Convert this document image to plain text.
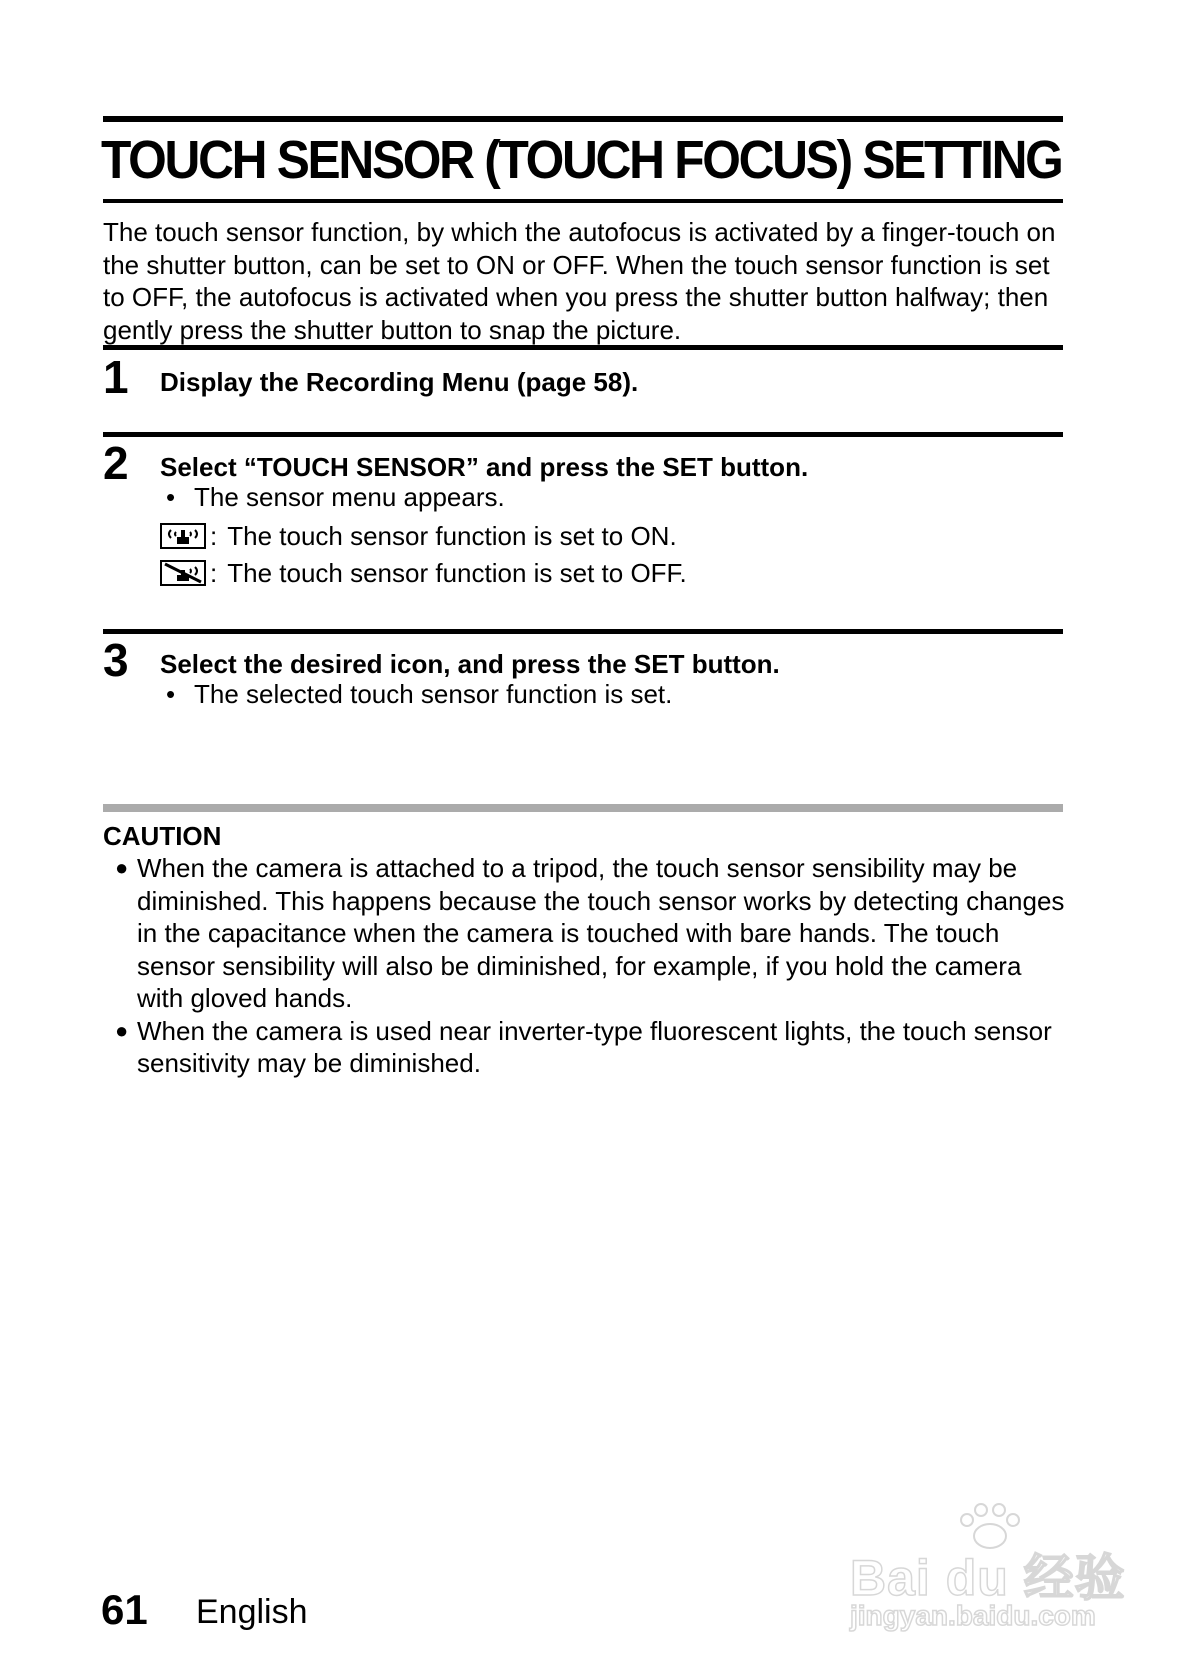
TOUCH SENSOR (TOUCH FOCUS) SETTING
The touch sensor function, by which the autofocus is activated by a finger-touch on the shutter button, can be set to ON or OFF. When the touch sensor function is set to OFF, the autofocus is activated when you press the shutter button halfway; then gently press the shutter button to snap the picture.
1 Display the Recording Menu (page 58).
2 Select “TOUCH SENSOR” and press the SET button.
• The sensor menu appears.
: The touch sensor function is set to ON.
: The touch sensor function is set to OFF.
3 Select the desired icon, and press the SET button.
• The selected touch sensor function is set.
CAUTION
● When the camera is attached to a tripod, the touch sensor sensibility may be diminished. This happens because the touch sensor works by detecting changes in the capacitance when the camera is touched with bare hands. The touch sensor sensibility will also be diminished, for example, if you hold the camera with gloved hands.
● When the camera is used near inverter-type fluorescent lights, the touch sensor sensitivity may be diminished.
61 English
Bai du 经验
jingyan.baidu.com
